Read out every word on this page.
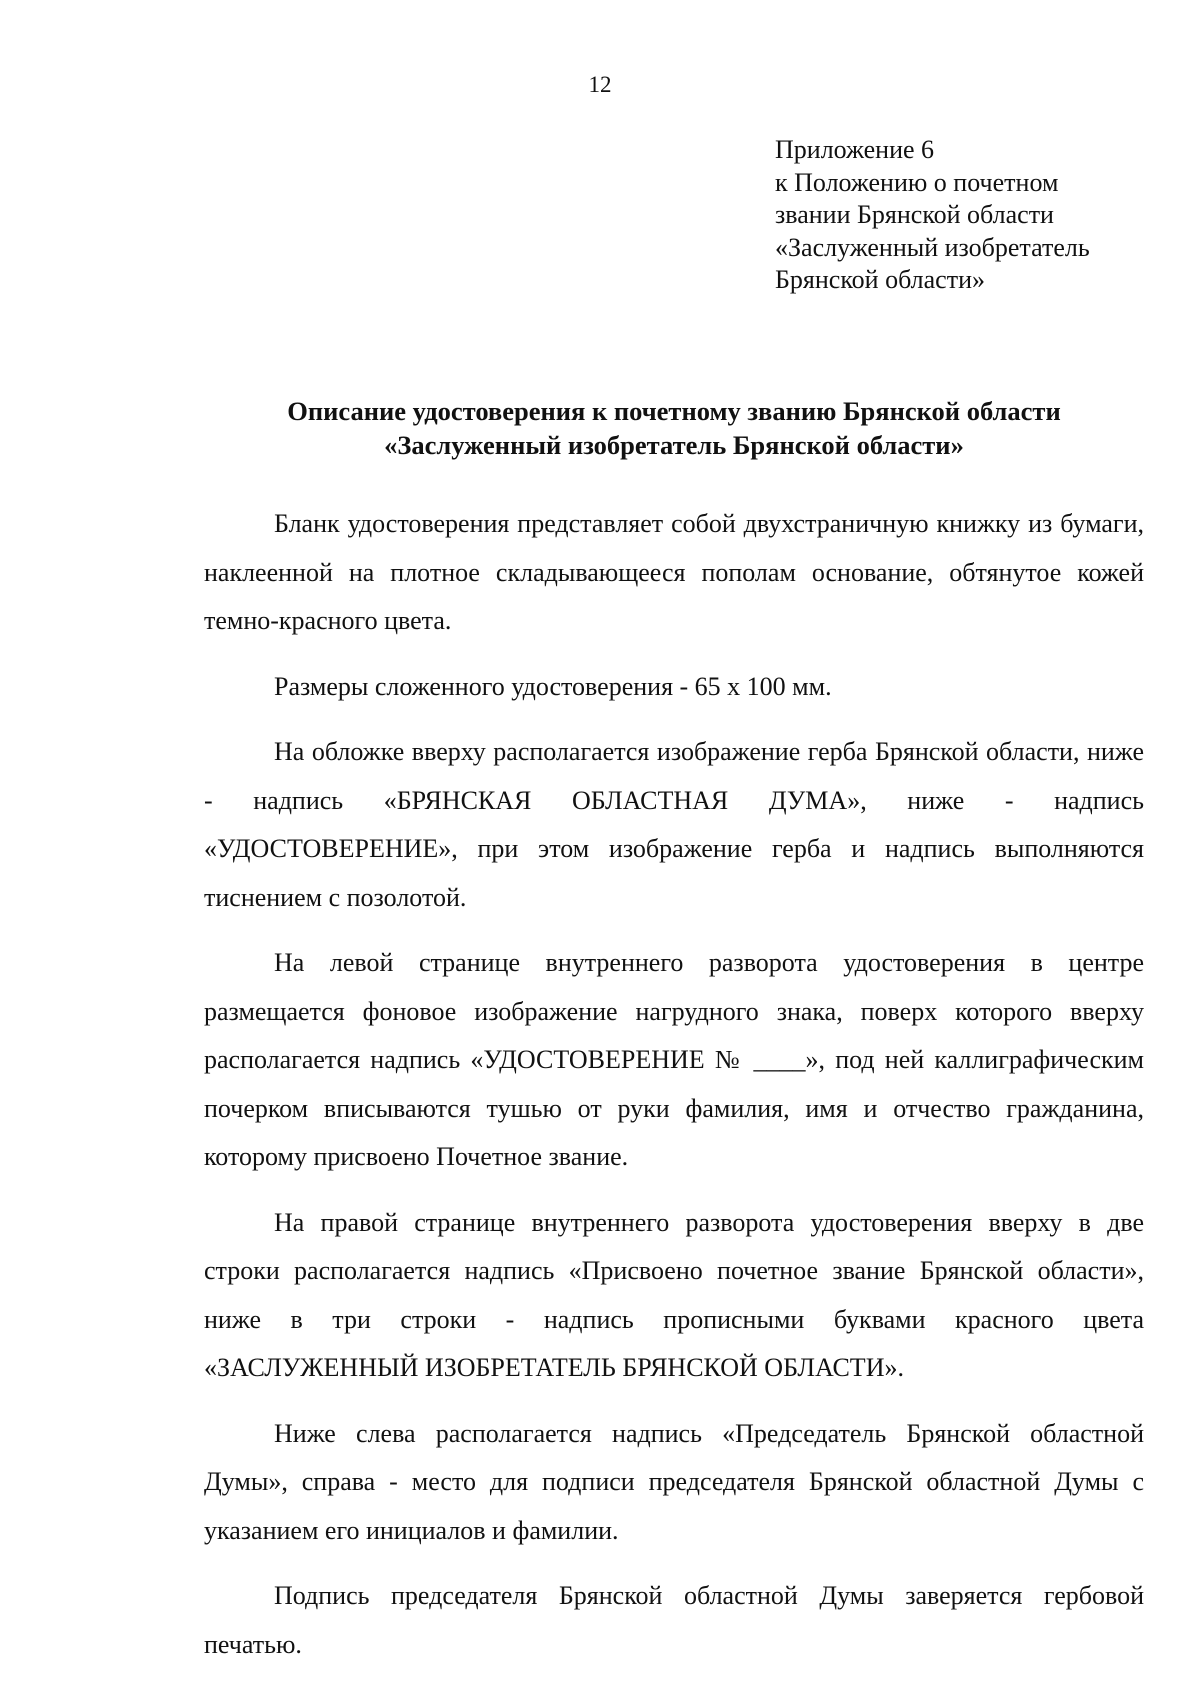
12
Приложение 6
к Положению о почетном
звании Брянской области
«Заслуженный изобретатель
Брянской области»
Описание удостоверения к почетному званию Брянской области
«Заслуженный изобретатель Брянской области»

Бланк удостоверения представляет собой двухстраничную книжку из бумаги, наклеенной на плотное складывающееся пополам основание, обтянутое кожей темно-красного цвета.

Размеры сложенного удостоверения - 65 x 100 мм.

На обложке вверху располагается изображение герба Брянской области, ниже - надпись «БРЯНСКАЯ ОБЛАСТНАЯ ДУМА», ниже - надпись «УДОСТОВЕРЕНИЕ», при этом изображение герба и надпись выполняются тиснением с позолотой.

На левой странице внутреннего разворота удостоверения в центре размещается фоновое изображение нагрудного знака, поверх которого вверху располагается надпись «УДОСТОВЕРЕНИЕ № ____», под ней каллиграфическим почерком вписываются тушью от руки фамилия, имя и отчество гражданина, которому присвоено Почетное звание.

На правой странице внутреннего разворота удостоверения вверху в две строки располагается надпись «Присвоено почетное звание Брянской области», ниже в три строки - надпись прописными буквами красного цвета «ЗАСЛУЖЕННЫЙ ИЗОБРЕТАТЕЛЬ БРЯНСКОЙ ОБЛАСТИ».

Ниже слева располагается надпись «Председатель Брянской областной Думы», справа - место для подписи председателя Брянской областной Думы с указанием его инициалов и фамилии.

Подпись председателя Брянской областной Думы заверяется гербовой печатью.
